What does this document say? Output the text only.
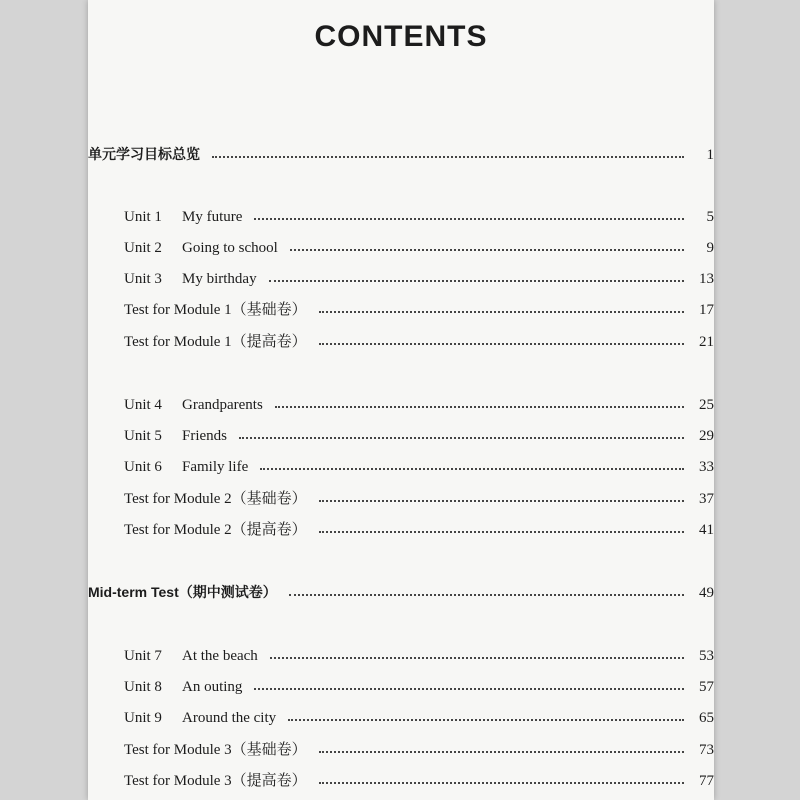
CONTENTS
单元学习目标总览	1
Unit 1 My future	5
Unit 2 Going to school	9
Unit 3 My birthday	13
Test for Module 1（基础卷）	17
Test for Module 1（提高卷）	21
Unit 4 Grandparents	25
Unit 5 Friends	29
Unit 6 Family life	33
Test for Module 2（基础卷）	37
Test for Module 2（提高卷）	41
Mid-term Test（期中测试卷）	49
Unit 7 At the beach	53
Unit 8 An outing	57
Unit 9 Around the city	65
Test for Module 3（基础卷）	73
Test for Module 3（提高卷）	77
